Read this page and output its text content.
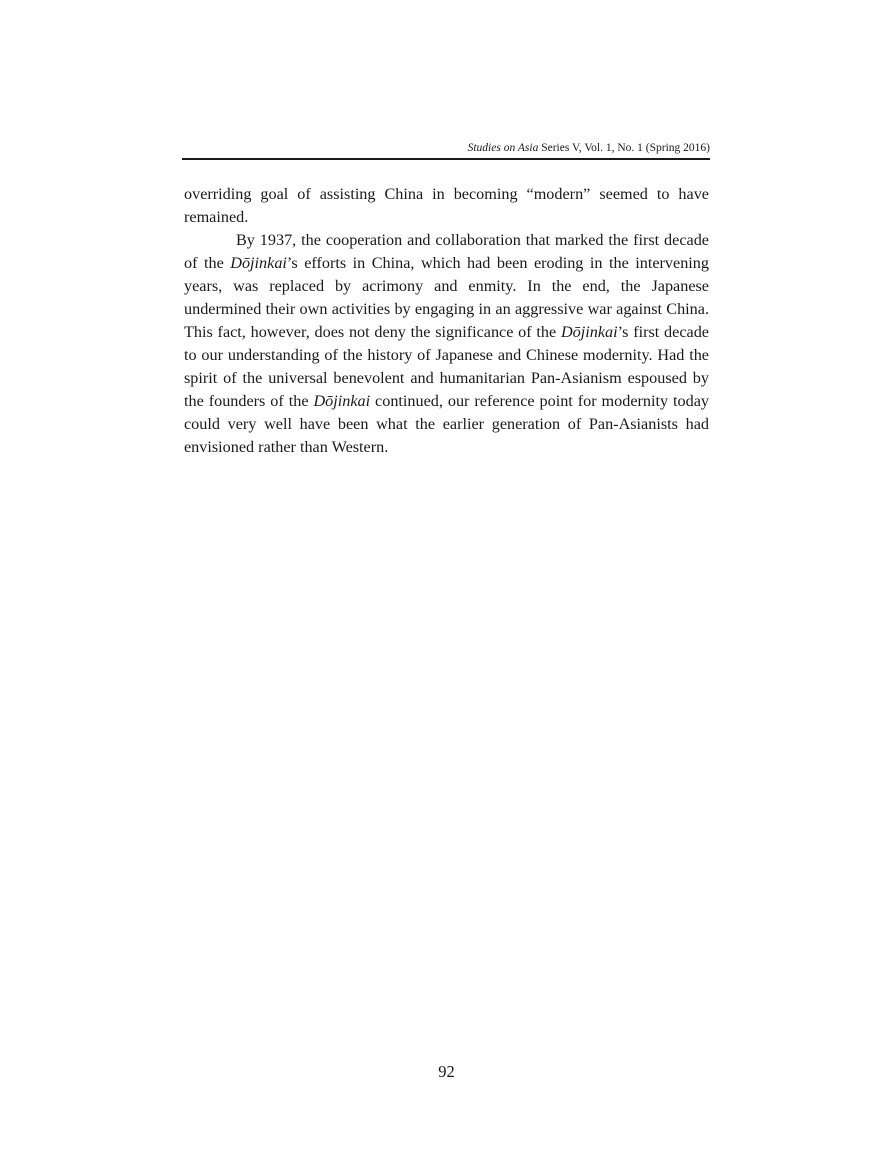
Studies on Asia Series V, Vol. 1, No. 1 (Spring 2016)

overriding goal of assisting China in becoming “modern” seemed to have remained.

By 1937, the cooperation and collaboration that marked the first decade of the Dōjinkai’s efforts in China, which had been eroding in the intervening years, was replaced by acrimony and enmity. In the end, the Japanese undermined their own activities by engaging in an aggressive war against China. This fact, however, does not deny the significance of the Dōjinkai’s first decade to our understanding of the history of Japanese and Chinese modernity. Had the spirit of the universal benevolent and humanitarian Pan-Asianism espoused by the founders of the Dōjinkai continued, our reference point for modernity today could very well have been what the earlier generation of Pan-Asianists had envisioned rather than Western.

92
